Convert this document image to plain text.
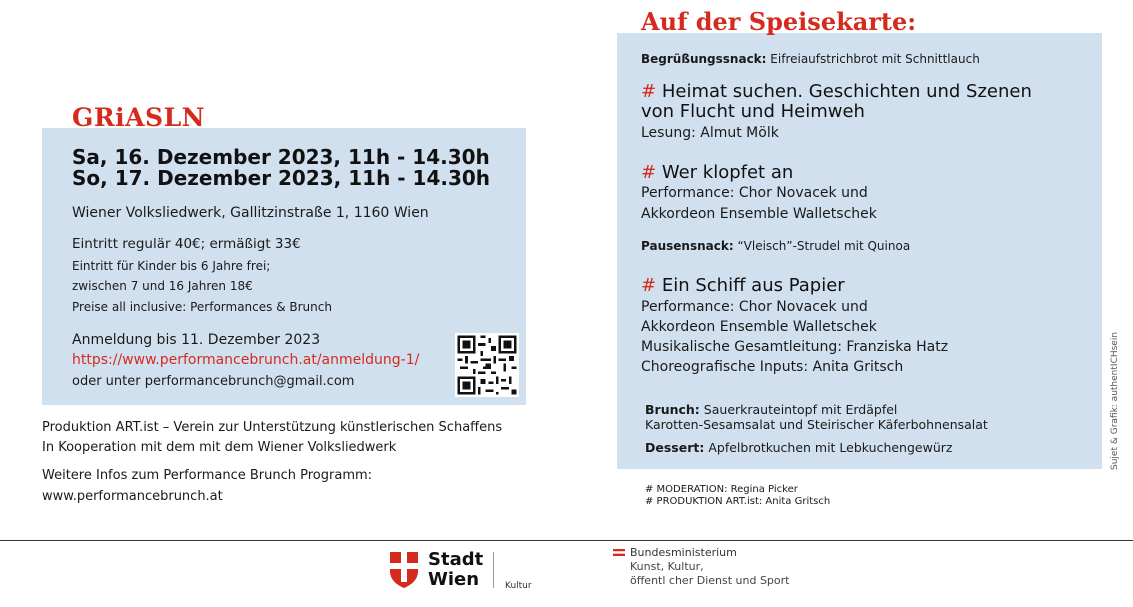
GRiASLN
Sa, 16. Dezember 2023, 11h - 14.30h
So, 17. Dezember 2023, 11h - 14.30h
Wiener Volksliedwerk, Gallitzinstraße 1, 1160 Wien
Eintritt regulär 40€; ermäßigt 33€
Eintritt für Kinder bis 6 Jahre frei;
zwischen 7 und 16 Jahren 18€
Preise all inclusive: Performances & Brunch
Anmeldung bis 11. Dezember 2023
https://www.performancebrunch.at/anmeldung-1/
oder unter performancebrunch@gmail.com
Produktion ART.ist – Verein zur Unterstützung künstlerischen Schaffens
In Kooperation mit dem mit dem Wiener Volksliedwerk
Weitere Infos zum Performance Brunch Programm:
www.performancebrunch.at
Auf der Speisekarte:
Begrüßungssnack: Eifreiaufstrichbrot mit Schnittlauch
# Heimat suchen. Geschichten und Szenen
von Flucht und Heimweh
Lesung: Almut Mölk
# Wer klopfet an
Performance: Chor Novacek und
Akkordeon Ensemble Walletschek
Pausensnack: “Vleisch”-Strudel mit Quinoa
# Ein Schiff aus Papier
Performance: Chor Novacek und
Akkordeon Ensemble Walletschek
Musikalische Gesamtleitung: Franziska Hatz
Choreografische Inputs: Anita Gritsch
Brunch: Sauerkrauteintopf mit Erdäpfel
Karotten-Sesamsalat und Steirischer Käferbohnensalat
Dessert: Apfelbrotkuchen mit Lebkuchengewürz
# MODERATION: Regina Picker
# PRODUKTION ART.ist: Anita Gritsch
Sujet & Grafik: authentICHsein
Stadt
Wien	Kultur
Bundesministerium
Kunst, Kultur,
öffentl cher Dienst und Sport
